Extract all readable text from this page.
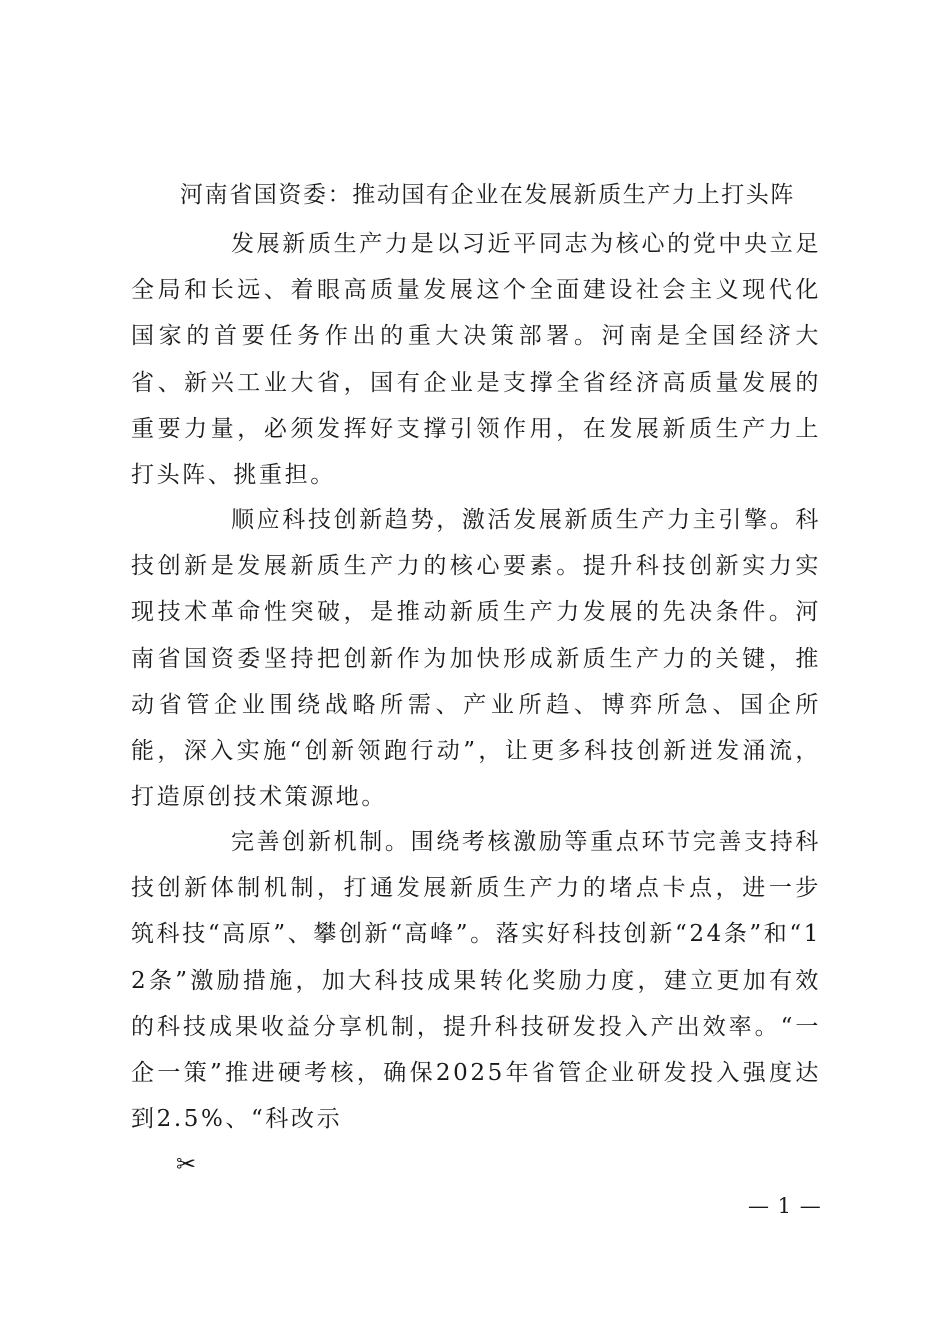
河南省国资委：推动国有企业在发展新质生产力上打头阵

发展新质生产力是以习近平同志为核心的党中央立足全局和长远、着眼高质量发展这个全面建设社会主义现代化国家的首要任务作出的重大决策部署。河南是全国经济大省、新兴工业大省，国有企业是支撑全省经济高质量发展的重要力量，必须发挥好支撑引领作用，在发展新质生产力上打头阵、挑重担。

顺应科技创新趋势，激活发展新质生产力主引擎。科技创新是发展新质生产力的核心要素。提升科技创新实力实现技术革命性突破，是推动新质生产力发展的先决条件。河南省国资委坚持把创新作为加快形成新质生产力的关键，推动省管企业围绕战略所需、产业所趋、博弈所急、国企所能，深入实施“创新领跑行动”，让更多科技创新迸发涌流，打造原创技术策源地。

完善创新机制。围绕考核激励等重点环节完善支持科技创新体制机制，打通发展新质生产力的堵点卡点，进一步筑科技“高原”、攀创新“高峰”。落实好科技创新“24条”和“12条”激励措施，加大科技成果转化奖励力度，建立更加有效的科技成果收益分享机制，提升科技研发投入产出效率。“一企一策”推进硬考核，确保2025年省管企业研发投入强度达到2.5%、“科改示

✂
— 1 —
